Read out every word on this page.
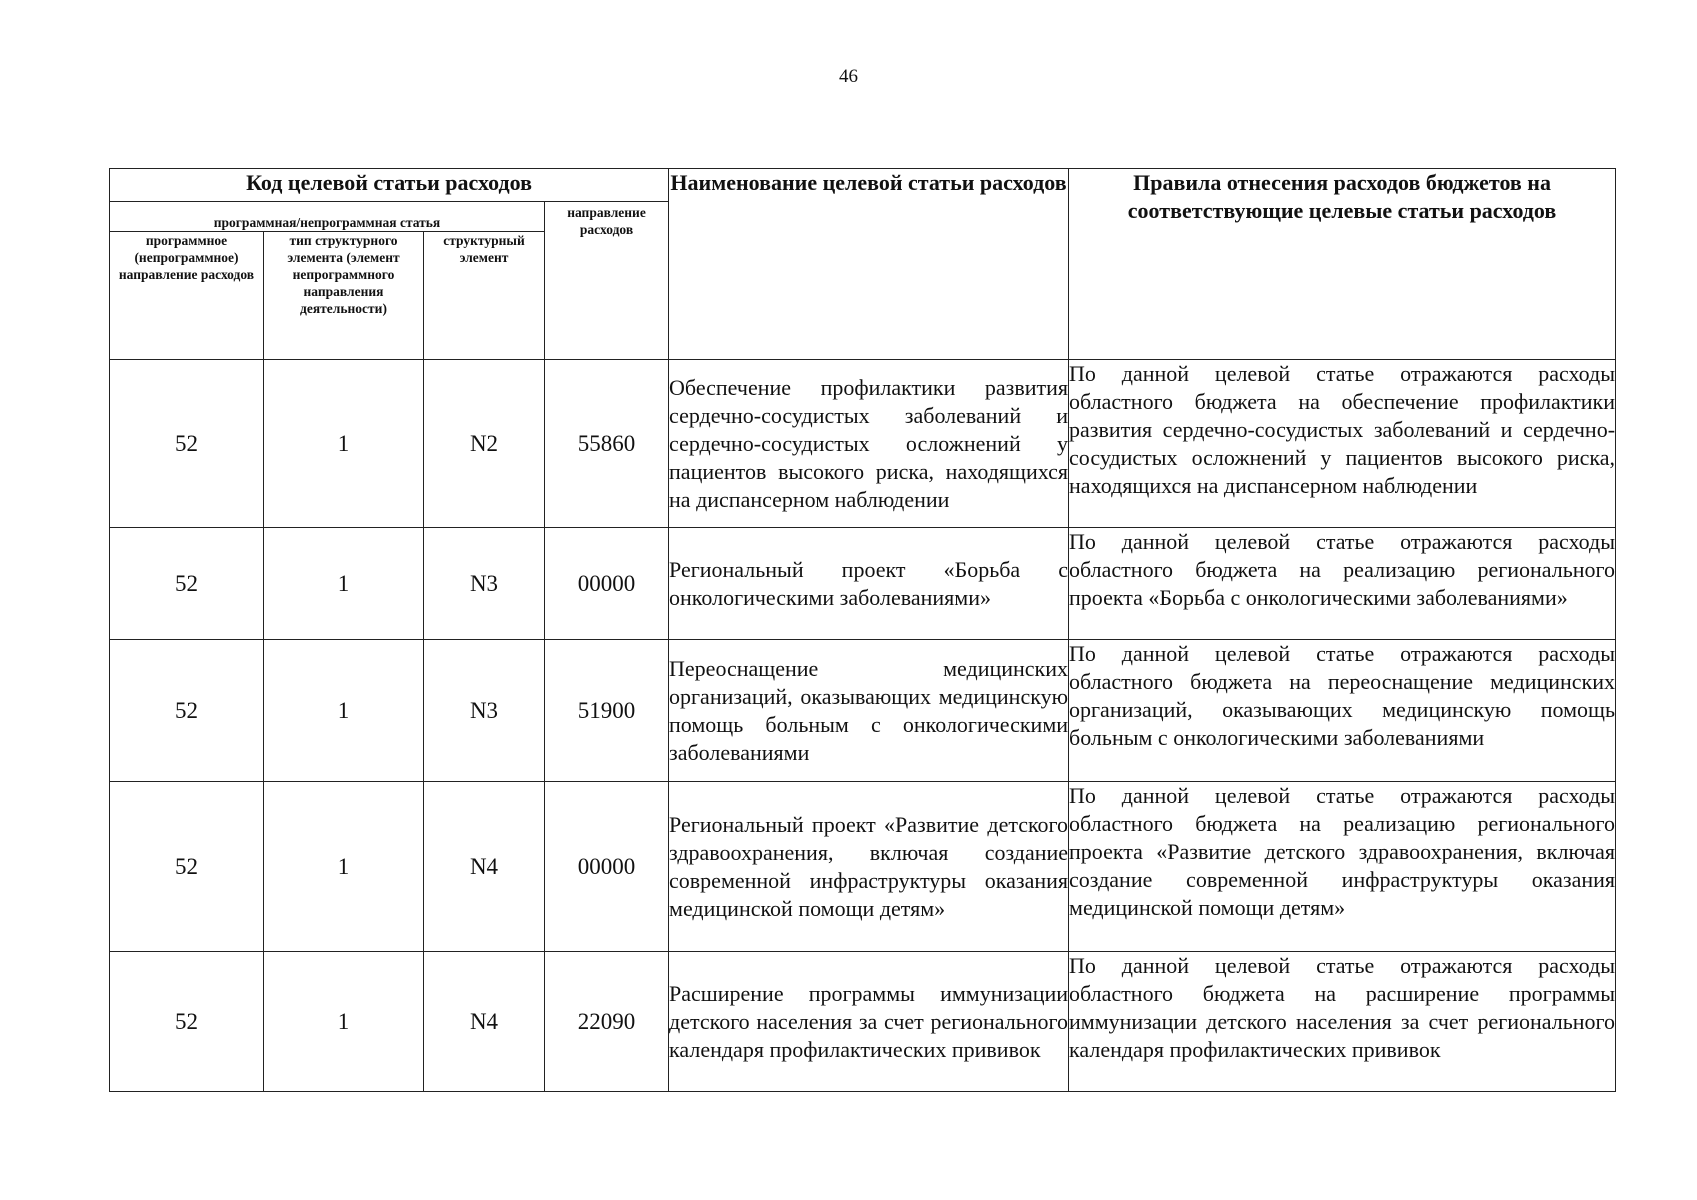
46
Код целевой статьи расходов				Наименование целевой статьи расходов	Правила отнесения расходов бюджетов на соответствующие целевые статьи расходов
программная/непрограммная статья			направление расходов		
программное (непрограммное) направление расходов	тип структурного элемента (элемент непрограммного направления деятельности)	структурный элемент			
52	1	N2	55860	Обеспечение профилактики развития сердечно-сосудистых заболеваний и сердечно-сосудистых осложнений у пациентов высокого риска, находящихся на диспансерном наблюдении	По данной целевой статье отражаются расходы областного бюджета на обеспечение профилактики развития сердечно-сосудистых заболеваний и сердечно-сосудистых осложнений у пациентов высокого риска, находящихся на диспансерном наблюдении
52	1	N3	00000	Региональный проект «Борьба с онкологическими заболеваниями»	По данной целевой статье отражаются расходы областного бюджета на реализацию регионального проекта «Борьба с онкологическими заболеваниями»
52	1	N3	51900	Переоснащение медицинских организаций, оказывающих медицинскую помощь больным с онкологическими заболеваниями	По данной целевой статье отражаются расходы областного бюджета на переоснащение медицинских организаций, оказывающих медицинскую помощь больным с онкологическими заболеваниями
52	1	N4	00000	Региональный проект «Развитие детского здравоохранения, включая создание современной инфраструктуры оказания медицинской помощи детям»	По данной целевой статье отражаются расходы областного бюджета на реализацию регионального проекта «Развитие детского здравоохранения, включая создание современной инфраструктуры оказания медицинской помощи детям»
52	1	N4	22090	Расширение программы иммунизации детского населения за счет регионального календаря профилактических прививок	По данной целевой статье отражаются расходы областного бюджета на расширение программы иммунизации детского населения за счет регионального календаря профилактических прививок
